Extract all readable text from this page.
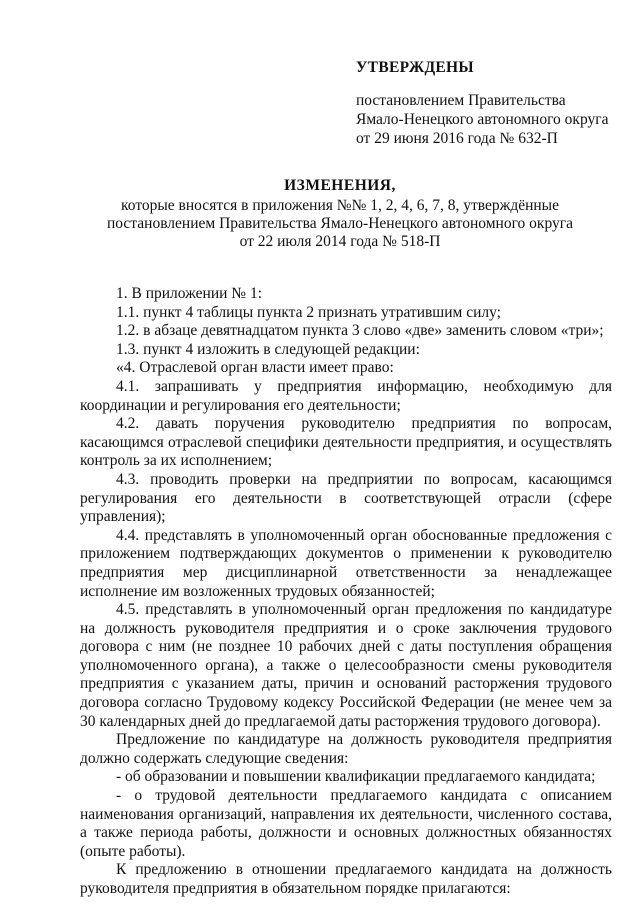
УТВЕРЖДЕНЫ
постановлением Правительства
Ямало-Ненецкого автономного округа
от 29 июня 2016 года № 632-П
ИЗМЕНЕНИЯ,
которые вносятся в приложения №№ 1, 2, 4, 6, 7, 8, утверждённые
постановлением Правительства Ямало-Ненецкого автономного округа
от 22 июля 2014 года № 518-П

1. В приложении № 1:

1.1. пункт 4 таблицы пункта 2 признать утратившим силу;

1.2. в абзаце девятнадцатом пункта 3 слово «две» заменить словом «три»;

1.3. пункт 4 изложить в следующей редакции:

«4. Отраслевой орган власти имеет право:

4.1. запрашивать у предприятия информацию, необходимую для координации и регулирования его деятельности;

4.2. давать поручения руководителю предприятия по вопросам, касающимся отраслевой специфики деятельности предприятия, и осуществлять контроль за их исполнением;

4.3. проводить проверки на предприятии по вопросам, касающимся регулирования его деятельности в соответствующей отрасли (сфере управления);

4.4. представлять в уполномоченный орган обоснованные предложения с приложением подтверждающих документов о применении к руководителю предприятия мер дисциплинарной ответственности за ненадлежащее исполнение им возложенных трудовых обязанностей;

4.5. представлять в уполномоченный орган предложения по кандидатуре на должность руководителя предприятия и о сроке заключения трудового договора с ним (не позднее 10 рабочих дней с даты поступления обращения уполномоченного органа), а также о целесообразности смены руководителя предприятия с указанием даты, причин и оснований расторжения трудового договора согласно Трудовому кодексу Российской Федерации (не менее чем за 30 календарных дней до предлагаемой даты расторжения трудового договора).

Предложение по кандидатуре на должность руководителя предприятия должно содержать следующие сведения:

- об образовании и повышении квалификации предлагаемого кандидата;

- о трудовой деятельности предлагаемого кандидата с описанием наименования организаций, направления их деятельности, численного состава, а также периода работы, должности и основных должностных обязанностях (опыте работы).

К предложению в отношении предлагаемого кандидата на должность руководителя предприятия в обязательном порядке прилагаются:
